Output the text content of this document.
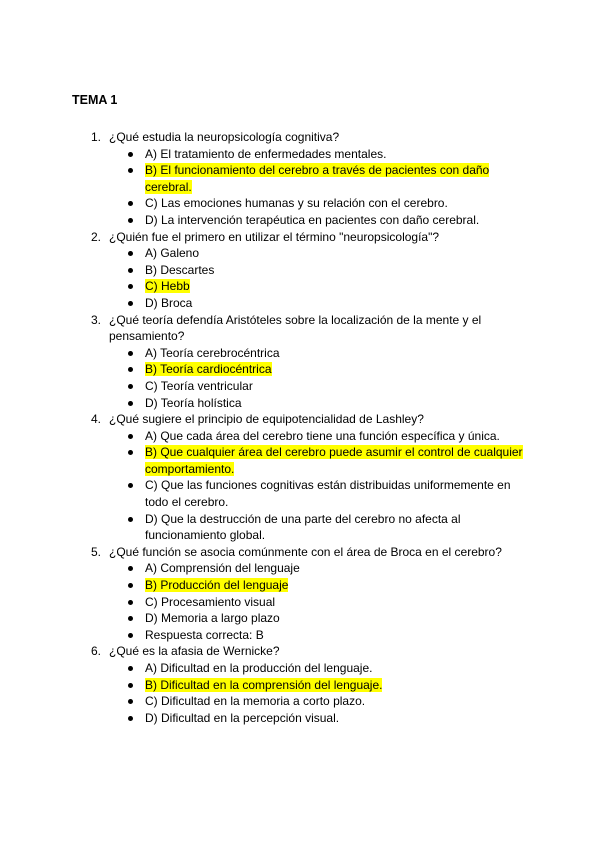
TEMA 1
1. ¿Qué estudia la neuropsicología cognitiva?
A) El tratamiento de enfermedades mentales.
B) El funcionamiento del cerebro a través de pacientes con daño cerebral.
C) Las emociones humanas y su relación con el cerebro.
D) La intervención terapéutica en pacientes con daño cerebral.
2. ¿Quién fue el primero en utilizar el término "neuropsicología"?
A) Galeno
B) Descartes
C) Hebb
D) Broca
3. ¿Qué teoría defendía Aristóteles sobre la localización de la mente y el pensamiento?
A) Teoría cerebrocéntrica
B) Teoría cardiocéntrica
C) Teoría ventricular
D) Teoría holística
4. ¿Qué sugiere el principio de equipotencialidad de Lashley?
A) Que cada área del cerebro tiene una función específica y única.
B) Que cualquier área del cerebro puede asumir el control de cualquier comportamiento.
C) Que las funciones cognitivas están distribuidas uniformemente en todo el cerebro.
D) Que la destrucción de una parte del cerebro no afecta al funcionamiento global.
5. ¿Qué función se asocia comúnmente con el área de Broca en el cerebro?
A) Comprensión del lenguaje
B) Producción del lenguaje
C) Procesamiento visual
D) Memoria a largo plazo
Respuesta correcta: B
6. ¿Qué es la afasia de Wernicke?
A) Dificultad en la producción del lenguaje.
B) Dificultad en la comprensión del lenguaje.
C) Dificultad en la memoria a corto plazo.
D) Dificultad en la percepción visual.
